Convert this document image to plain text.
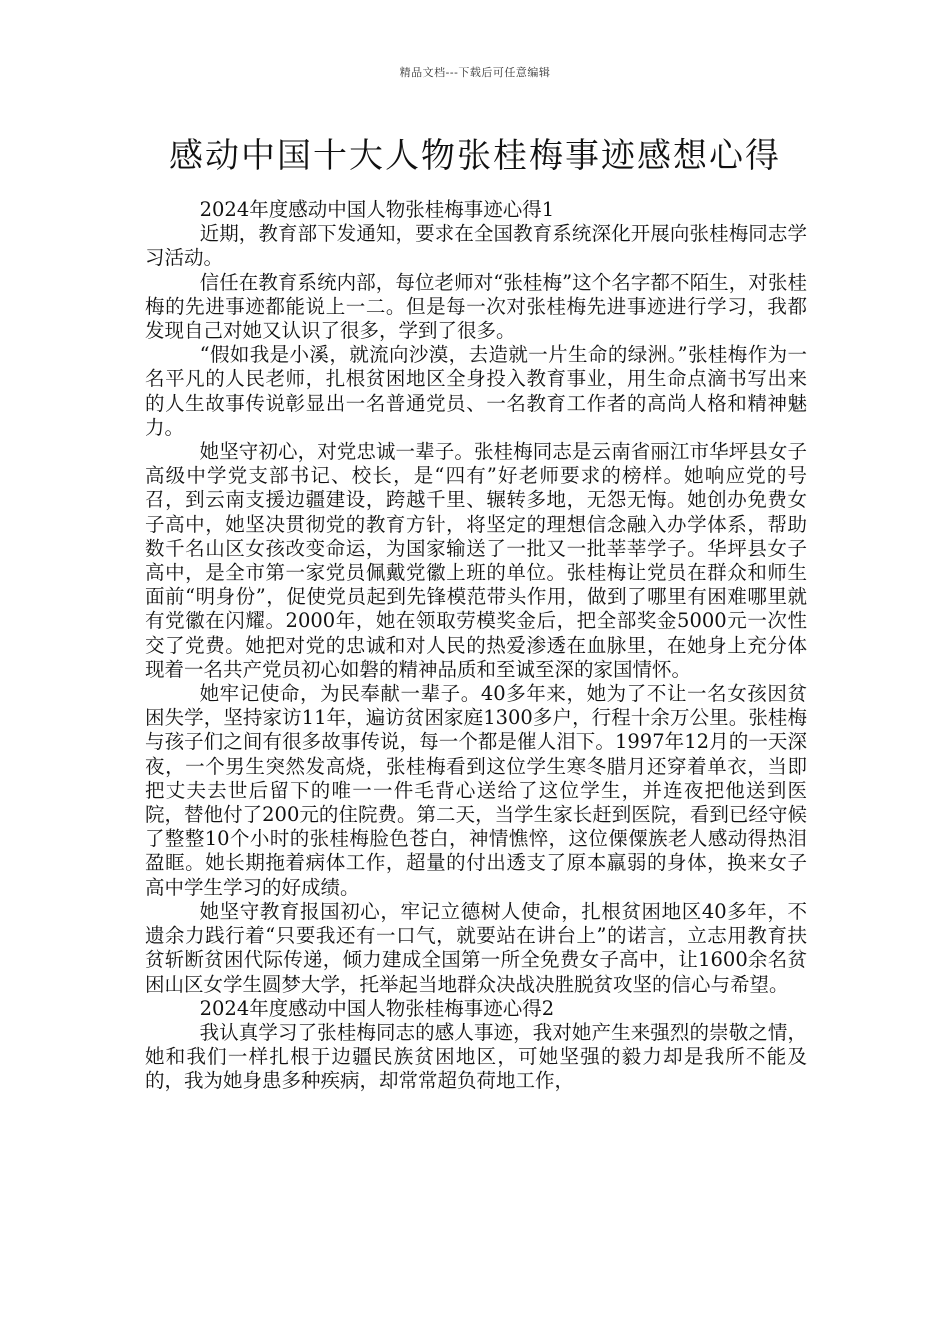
精品文档---下载后可任意编辑
感动中国十大人物张桂梅事迹感想心得

2024年度感动中国人物张桂梅事迹心得1

近期，教育部下发通知，要求在全国教育系统深化开展向张桂梅同志学习活动。

信任在教育系统内部，每位老师对“张桂梅”这个名字都不陌生，对张桂梅的先进事迹都能说上一二。但是每一次对张桂梅先进事迹进行学习，我都发现自己对她又认识了很多，学到了很多。

“假如我是小溪，就流向沙漠，去造就一片生命的绿洲。”张桂梅作为一名平凡的人民老师，扎根贫困地区全身投入教育事业，用生命点滴书写出来的人生故事传说彰显出一名普通党员、一名教育工作者的高尚人格和精神魅力。

她坚守初心，对党忠诚一辈子。张桂梅同志是云南省丽江市华坪县女子高级中学党支部书记、校长，是“四有”好老师要求的榜样。她响应党的号召，到云南支援边疆建设，跨越千里、辗转多地，无怨无悔。她创办免费女子高中，她坚决贯彻党的教育方针，将坚定的理想信念融入办学体系，帮助数千名山区女孩改变命运，为国家输送了一批又一批莘莘学子。华坪县女子高中，是全市第一家党员佩戴党徽上班的单位。张桂梅让党员在群众和师生面前“明身份”，促使党员起到先锋模范带头作用，做到了哪里有困难哪里就有党徽在闪耀。2000年，她在领取劳模奖金后，把全部奖金5000元一次性交了党费。她把对党的忠诚和对人民的热爱渗透在血脉里，在她身上充分体现着一名共产党员初心如磐的精神品质和至诚至深的家国情怀。

她牢记使命，为民奉献一辈子。40多年来，她为了不让一名女孩因贫困失学，坚持家访11年，遍访贫困家庭1300多户，行程十余万公里。张桂梅与孩子们之间有很多故事传说，每一个都是催人泪下。1997年12月的一天深夜，一个男生突然发高烧，张桂梅看到这位学生寒冬腊月还穿着单衣，当即把丈夫去世后留下的唯一一件毛背心送给了这位学生，并连夜把他送到医院，替他付了200元的住院费。第二天，当学生家长赶到医院，看到已经守候了整整10个小时的张桂梅脸色苍白，神情憔悴，这位傈僳族老人感动得热泪盈眶。她长期拖着病体工作，超量的付出透支了原本羸弱的身体，换来女子高中学生学习的好成绩。

她坚守教育报国初心，牢记立德树人使命，扎根贫困地区40多年，不遗余力践行着“只要我还有一口气，就要站在讲台上”的诺言，立志用教育扶贫斩断贫困代际传递，倾力建成全国第一所全免费女子高中，让1600余名贫困山区女学生圆梦大学，托举起当地群众决战决胜脱贫攻坚的信心与希望。

2024年度感动中国人物张桂梅事迹心得2

我认真学习了张桂梅同志的感人事迹，我对她产生来强烈的崇敬之情，她和我们一样扎根于边疆民族贫困地区，可她坚强的毅力却是我所不能及的，我为她身患多种疾病，却常常超负荷地工作，
